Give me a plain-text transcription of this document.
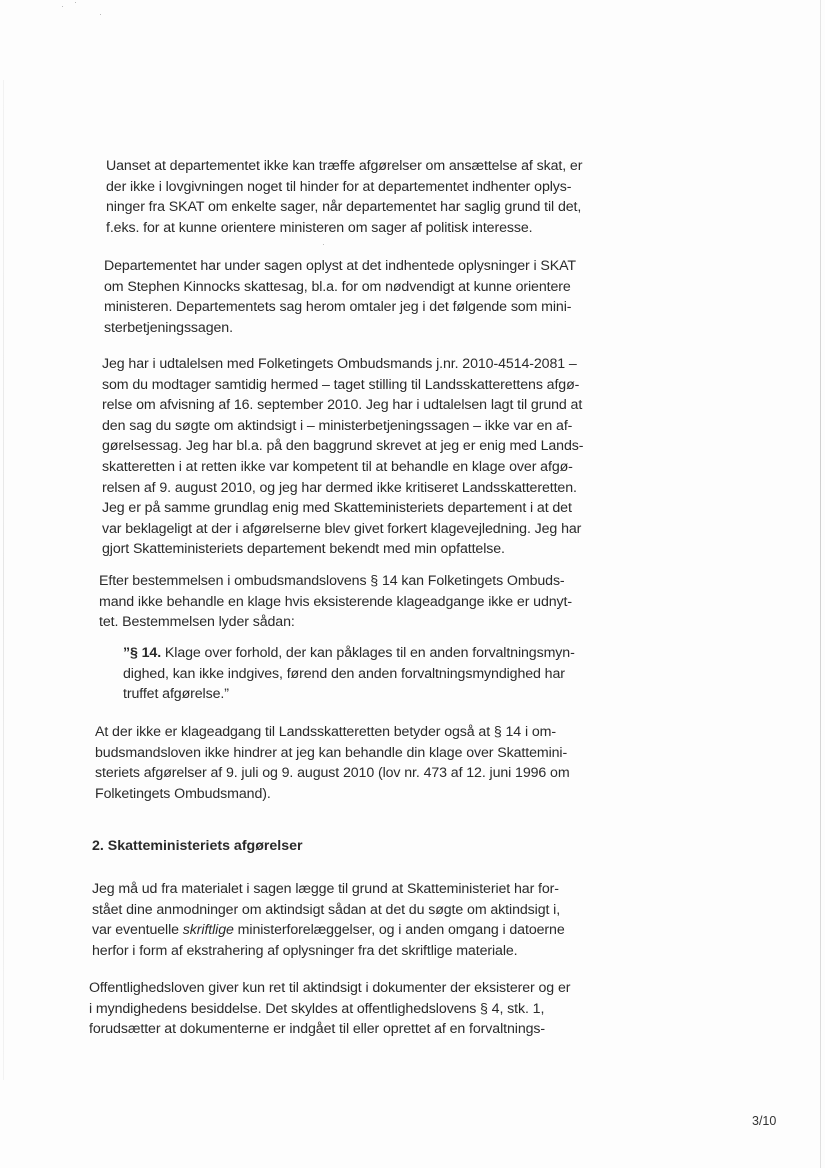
Uanset at departementet ikke kan træffe afgørelser om ansættelse af skat, er
der ikke i lovgivningen noget til hinder for at departementet indhenter oplys-
ninger fra SKAT om enkelte sager, når departementet har saglig grund til det,
f.eks. for at kunne orientere ministeren om sager af politisk interesse.

Departementet har under sagen oplyst at det indhentede oplysninger i SKAT
om Stephen Kinnocks skattesag, bl.a. for om nødvendigt at kunne orientere
ministeren. Departementets sag herom omtaler jeg i det følgende som mini-
sterbetjeningssagen.

Jeg har i udtalelsen med Folketingets Ombudsmands j.nr. 2010-4514-2081 –
som du modtager samtidig hermed – taget stilling til Landsskatterettens afgø-
relse om afvisning af 16. september 2010. Jeg har i udtalelsen lagt til grund at
den sag du søgte om aktindsigt i – ministerbetjeningssagen – ikke var en af-
gørelsessag. Jeg har bl.a. på den baggrund skrevet at jeg er enig med Lands-
skatteretten i at retten ikke var kompetent til at behandle en klage over afgø-
relsen af 9. august 2010, og jeg har dermed ikke kritiseret Landsskatteretten.
Jeg er på samme grundlag enig med Skatteministeriets departement i at det
var beklageligt at der i afgørelserne blev givet forkert klagevejledning. Jeg har
gjort Skatteministeriets departement bekendt med min opfattelse.

Efter bestemmelsen i ombudsmandslovens § 14 kan Folketingets Ombuds-
mand ikke behandle en klage hvis eksisterende klageadgange ikke er udnyt-
tet. Bestemmelsen lyder sådan:

”§ 14. Klage over forhold, der kan påklages til en anden forvaltningsmyn-
dighed, kan ikke indgives, førend den anden forvaltningsmyndighed har
truffet afgørelse.”

At der ikke er klageadgang til Landsskatteretten betyder også at § 14 i om-
budsmandsloven ikke hindrer at jeg kan behandle din klage over Skattemini-
steriets afgørelser af 9. juli og 9. august 2010 (lov nr. 473 af 12. juni 1996 om
Folketingets Ombudsmand).

2. Skatteministeriets afgørelser

Jeg må ud fra materialet i sagen lægge til grund at Skatteministeriet har for-
stået dine anmodninger om aktindsigt sådan at det du søgte om aktindsigt i,
var eventuelle skriftlige ministerforelæggelser, og i anden omgang i datoerne
herfor i form af ekstrahering af oplysninger fra det skriftlige materiale.

Offentlighedsloven giver kun ret til aktindsigt i dokumenter der eksisterer og er
i myndighedens besiddelse. Det skyldes at offentlighedslovens § 4, stk. 1,
forudsætter at dokumenterne er indgået til eller oprettet af en forvaltnings-

3/10
